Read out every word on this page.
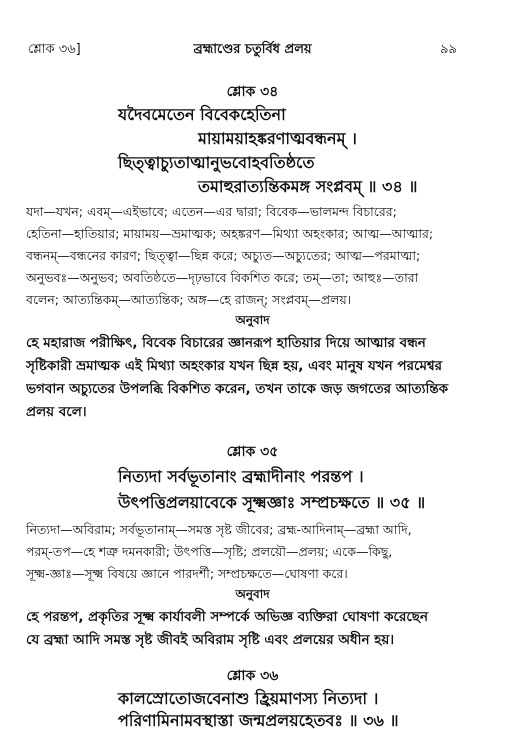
শ্লোক ৩৬]	ব্রহ্মাণ্ডের চতুর্বিধ প্রলয়	৯৯
শ্লোক ৩৪
যদৈবমেতেন বিবেকহেতিনা
মায়াময়াহঙ্করণাত্মবন্ধনম্ ।
ছিত্ত্বাচ্যুতাত্মানুভবোহবতিষ্ঠতে
তমাহুরাত্যন্তিকমঙ্গ সংপ্লবম্ ॥ ৩৪ ॥
যদা—যখন; এবম্—এইভাবে; এতেন—এর দ্বারা; বিবেক—ভালমন্দ বিচারের;
হেতিনা—হাতিয়ার; মায়াময়—ভ্রমাত্মক; অহঙ্করণ—মিথ্যা অহংকার; আত্ম—আত্মার;
বন্ধনম্—বন্ধনের কারণ; ছিত্ত্বা—ছিন্ন করে; অচ্যুত—অচ্যুতের; আত্ম—পরমাত্মা;
অনুভবঃ—অনুভব; অবতিষ্ঠতে—দৃঢ়ভাবে বিকশিত করে; তম্—তা; আহুঃ—তারা
বলেন; আত্যন্তিকম্—আত্যন্তিক; অঙ্গ—হে রাজন্; সংপ্লবম্—প্রলয়।
অনুবাদ
হে মহারাজ পরীক্ষিৎ, বিবেক বিচারের জ্ঞানরূপ হাতিয়ার দিয়ে আত্মার বন্ধন
সৃষ্টিকারী ভ্রমাত্মক এই মিথ্যা অহংকার যখন ছিন্ন হয়, এবং মানুষ যখন পরমেশ্বর
ভগবান অচ্যুতের উপলব্ধি বিকশিত করেন, তখন তাকে জড় জগতের আত্যন্তিক
প্রলয় বলে।
শ্লোক ৩৫
নিত্যদা সর্বভূতানাং ব্রহ্মাদীনাং পরন্তপ ।
উৎপত্তিপ্রলয়াবেকে সূক্ষ্মজ্ঞাঃ সম্প্রচক্ষতে ॥ ৩৫ ॥
নিত্যদা—অবিরাম; সর্বভূতানাম্—সমস্ত সৃষ্ট জীবের; ব্রহ্ম-আদিনাম্—ব্রহ্মা আদি,
পরম্-তপ—হে শত্রু দমনকারী; উৎপত্তি—সৃষ্টি; প্রলয়ৌ—প্রলয়; একে—কিছু,
সূক্ষ্ম-জ্ঞাঃ—সূক্ষ্ম বিষয়ে জ্ঞানে পারদর্শী; সম্প্রচক্ষতে—ঘোষণা করে।
অনুবাদ
হে পরন্তপ, প্রকৃতির সূক্ষ্ম কার্যাবলী সম্পর্কে অভিজ্ঞ ব্যক্তিরা ঘোষণা করেছেন
যে ব্রহ্মা আদি সমস্ত সৃষ্ট জীবই অবিরাম সৃষ্টি এবং প্রলয়ের অধীন হয়।
শ্লোক ৩৬
কালস্রোতোজবেনাশু হ্রিয়মাণস্য নিত্যদা ।
পরিণামিনামবস্থাস্তা জন্মপ্রলয়হেতবঃ ॥ ৩৬ ॥
